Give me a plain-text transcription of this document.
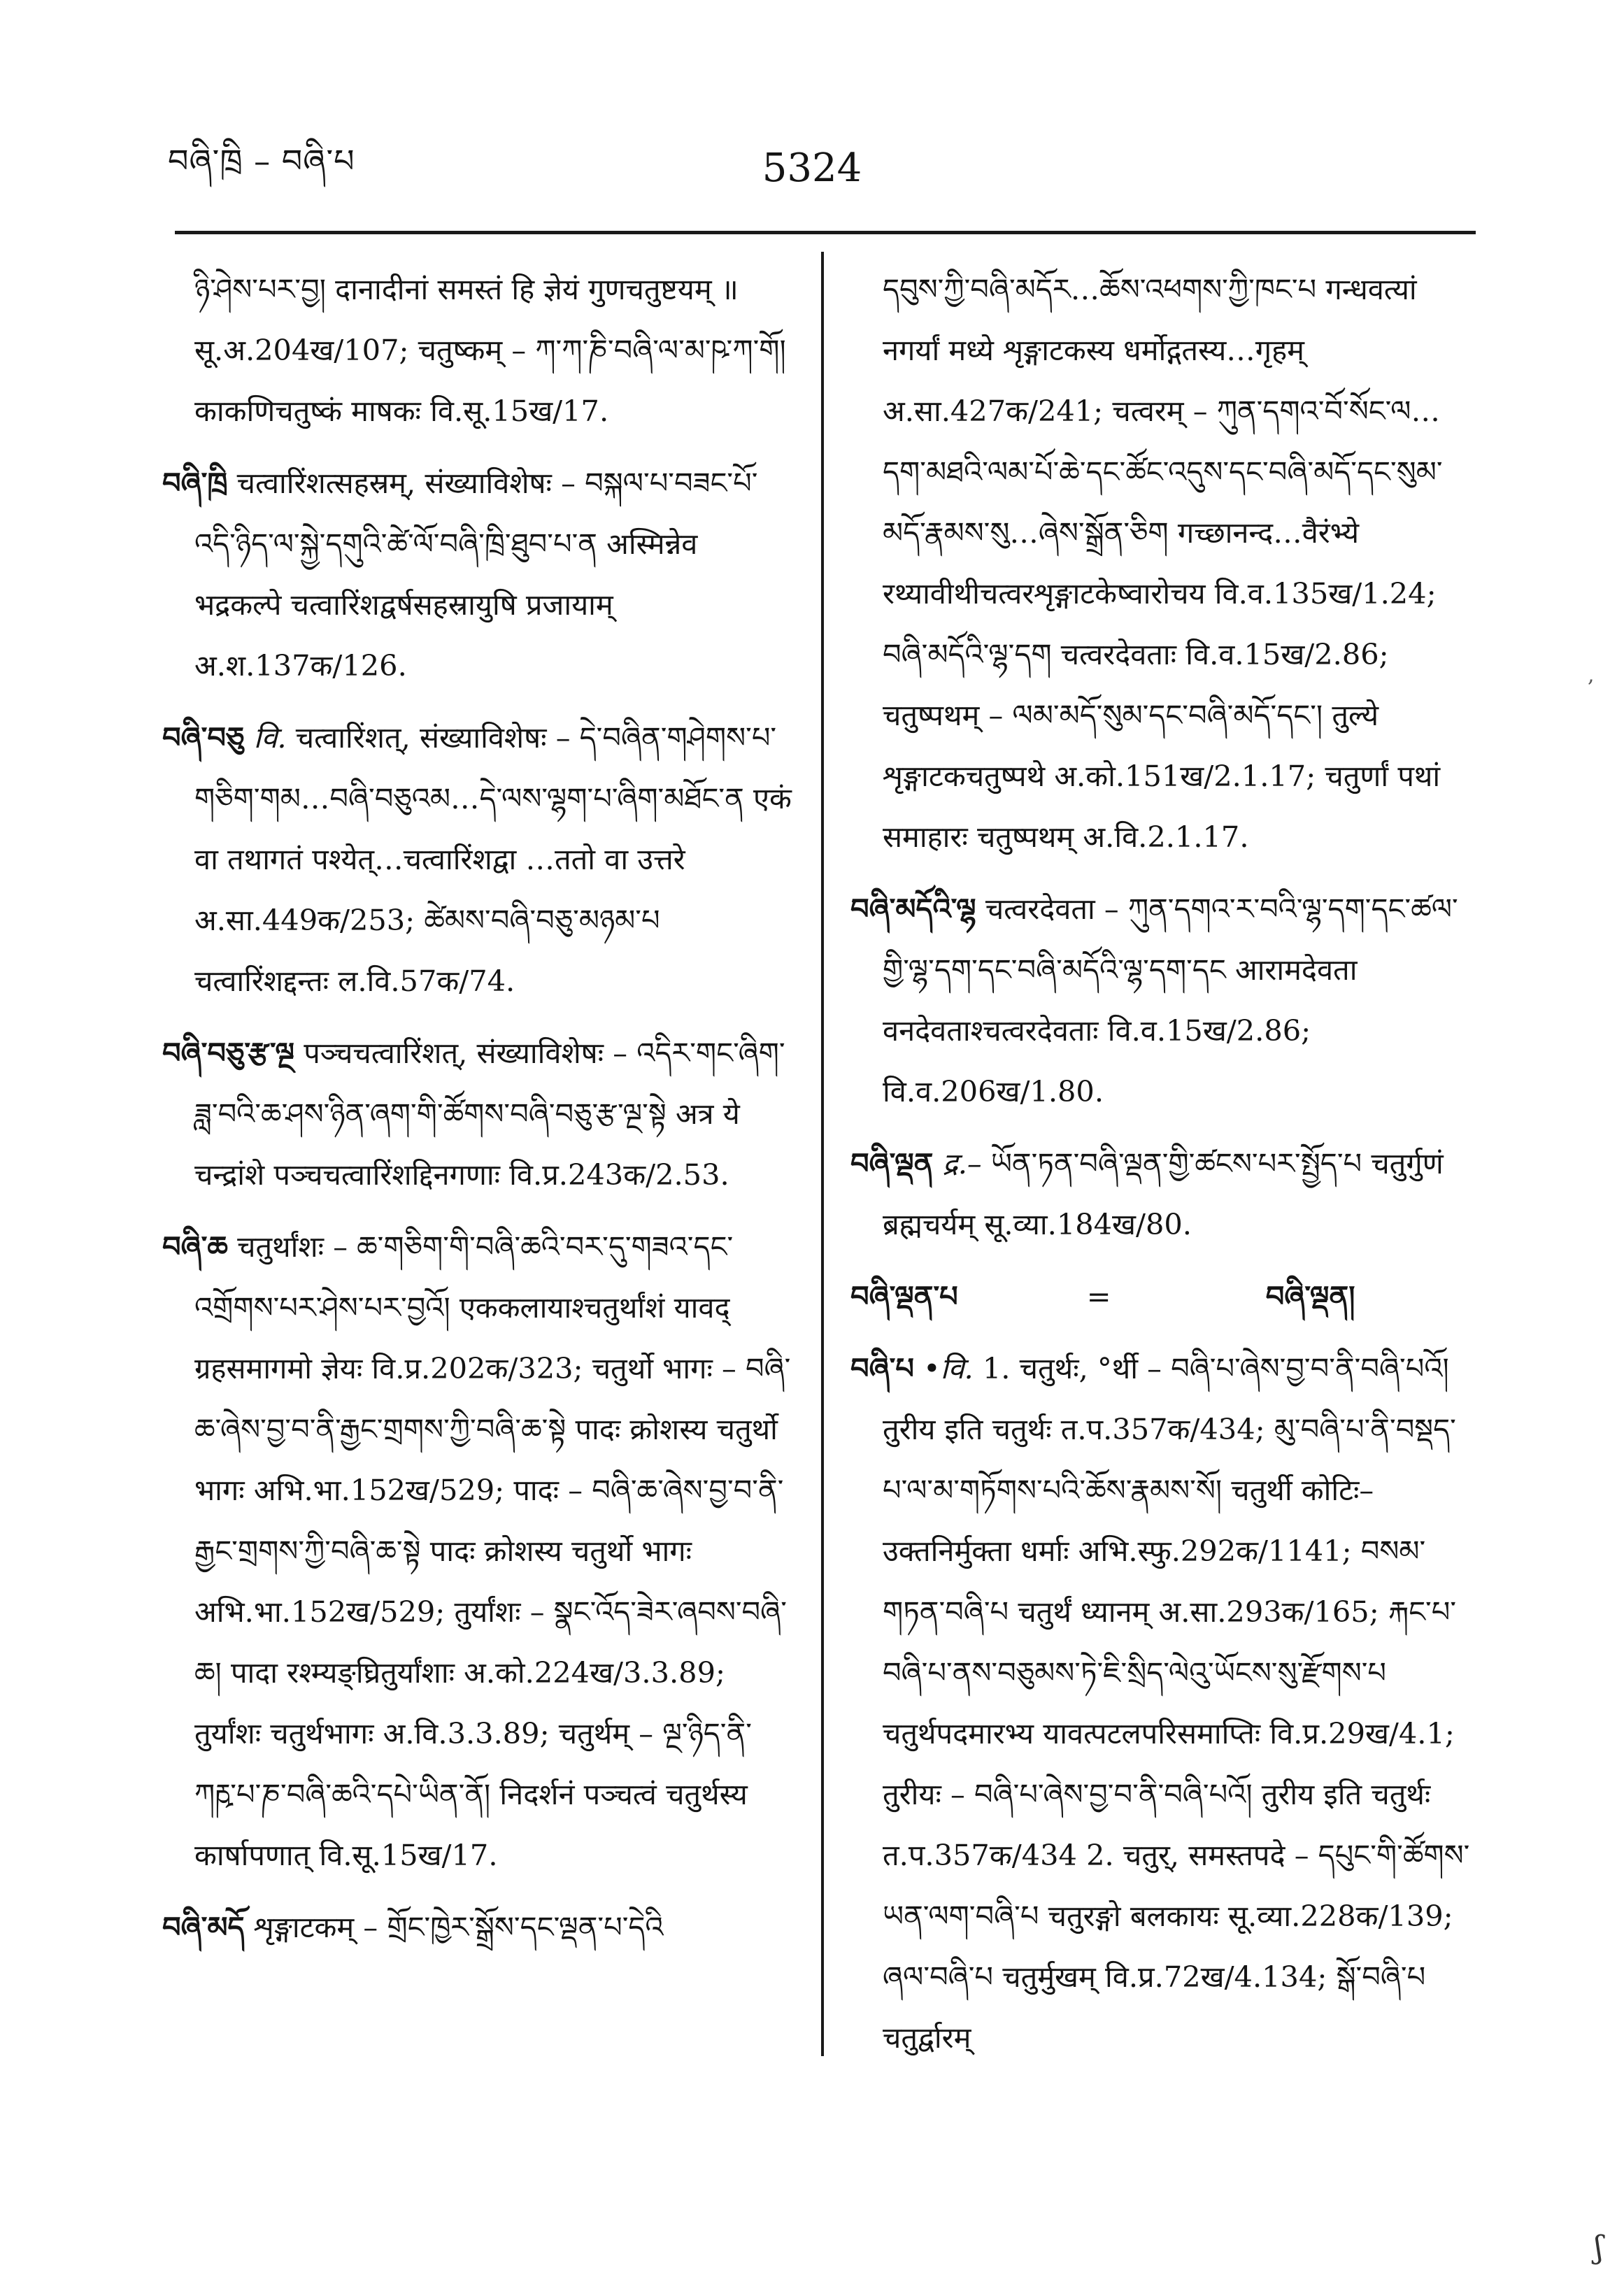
བཞི་ཁྲི – བཞི་པ	5324
ཉི་ཤེས་པར་བྱ། दानादीनां समस्तं हि ज्ञेयं गुणचतुष्टयम् ॥ सू.अ.204ख/107; चतुष्कम् – ཀ་ཀ་ཎི་བཞི་ལ་མ་ཥ་ཀ་གོ། काकणिचतुष्कं माषकः वि.सू.15ख/17.
བཞི་ཁྲི चत्वारिंशत्सहस्रम्, संख्याविशेषः – བསྐལ་པ་བཟང་པོ་འདི་ཉིད་ལ་སྐྱེ་དགུའི་ཚེ་ལོ་བཞི་ཁྲི་ཐུབ་པ་ན अस्मिन्नेव भद्रकल्पे चत्वारिंशद्वर्षसहस्रायुषि प्रजायाम् अ.श.137क/126.
བཞི་བཅུ वि. चत्वारिंशत्, संख्याविशेषः – དེ་བཞིན་གཤེགས་པ་གཅིག་གམ…བཞི་བཅུའམ…དེ་ལས་ལྷག་པ་ཞིག་མཐོང་ན एकं वा तथागतं पश्येत्…चत्वारिंशद्वा …ततो वा उत्तरे अ.सा.449क/253; ཚེམས་བཞི་བཅུ་མཉམ་པ चत्वारिंशद्दन्तः ल.वि.57क/74.
བཞི་བཅུ་རྩ་ལྔ पञ्चचत्वारिंशत्, संख्याविशेषः – འདིར་གང་ཞིག་ཟླ་བའི་ཆ་ཤས་ཉིན་ཞག་གི་ཚོགས་བཞི་བཅུ་རྩ་ལྔ་སྟེ अत्र ये चन्द्रांशे पञ्चचत्वारिंशद्दिनगणाः वि.प्र.243क/2.53.
བཞི་ཆ चतुर्थांशः – ཆ་གཅིག་གི་བཞི་ཆའི་བར་དུ་གཟའ་དང་འགྲོགས་པར་ཤེས་པར་བྱའོ། एककलायाश्चतुर्थांशं यावद् ग्रहसमागमो ज्ञेयः वि.प्र.202क/323; चतुर्थो भागः – བཞི་ཆ་ཞེས་བྱ་བ་ནི་རྒྱང་གྲགས་ཀྱི་བཞི་ཆ་སྟེ पादः क्रोशस्य चतुर्थो भागः अभि.भा.152ख/529; पादः – བཞི་ཆ་ཞེས་བྱ་བ་ནི་རྒྱང་གྲགས་ཀྱི་བཞི་ཆ་སྟེ पादः क्रोशस्य चतुर्थो भागः अभि.भा.152ख/529; तुर्यांशः – སྣང་འོད་ཟེར་ཞབས་བཞི་ཆ། पादा रश्म्यङ्घ्रितुर्यांशाः अ.को.224ख/3.3.89; तुर्यांशः चतुर्थभागः अ.वि.3.3.89; चतुर्थम् – ལྔ་ཉིད་ནི་ཀརྵ་པ་ཎ་བཞི་ཆའི་དཔེ་ཡིན་ནོ། निदर्शनं पञ्चत्वं चतुर्थस्य कार्षापणात् वि.सू.15ख/17.
བཞི་མདོ शृङ्गाटकम् – གྲོང་ཁྱེར་སྒྲོས་དང་ལྡན་པ་དེའི
དབུས་ཀྱི་བཞི་མདོར…ཆོས་འཕགས་ཀྱི་ཁང་པ गन्धवत्यां नगर्यां मध्ये शृङ्गाटकस्य धर्मोद्गतस्य…गृहम् अ.सा.427क/241; चत्वरम् – ཀུན་དགའ་བོ་སོང་ལ…དག་མཐའི་ལམ་པོ་ཆེ་དང་ཚོང་འདུས་དང་བཞི་མདོ་དང་སུམ་མདོ་རྣམས་སུ…ཞེས་སྒྲོན་ཅིག गच्छानन्द…वैरंभ्ये रथ्यावीथीचत्वरशृङ्गाटकेष्वारोचय वि.व.135ख/1.24; བཞི་མདོའི་ལྷ་དག चत्वरदेवताः वि.व.15ख/2.86; चतुष्पथम् – ལམ་མདོ་སུམ་དང་བཞི་མདོ་དང་། तुल्ये शृङ्गाटकचतुष्पथे अ.को.151ख/2.1.17; चतुर्णां पथां समाहारः चतुष्पथम् अ.वि.2.1.17.
བཞི་མདོའི་ལྷ चत्वरदेवता – ཀུན་དགའ་ར་བའི་ལྷ་དག་དང་ཚལ་གྱི་ལྷ་དག་དང་བཞི་མདོའི་ལྷ་དག་དང आरामदेवता वनदेवताश्चत्वरदेवताः वि.व.15ख/2.86; वि.व.206ख/1.80.
བཞི་ལྡན द्र.– ཡོན་ཏན་བཞི་ལྡན་གྱི་ཚངས་པར་སྤྱོད་པ चतुर्गुणं ब्रह्मचर्यम् सू.व्या.184ख/80.
བཞི་ལྡན་པ	=	བཞི་ལྡན།
བཞི་པ •वि. 1. चतुर्थः, °र्थी – བཞི་པ་ཞེས་བྱ་བ་ནི་བཞི་པའོ། तुरीय इति चतुर्थः त.प.357क/434; མུ་བཞི་པ་ནི་བསྡད་པ་ལ་མ་གཏོགས་པའི་ཆོས་རྣམས་སོ། चतुर्थी कोटिः–उक्तनिर्मुक्ता धर्माः अभि.स्फु.292क/1141; བསམ་གཏན་བཞི་པ चतुर्थं ध्यानम् अ.सा.293क/165; རྐང་པ་བཞི་པ་ནས་བཅུམས་ཏེ་ཇི་སྲིད་ལེའུ་ཡོངས་སུ་རྫོགས་པ चतुर्थपदमारभ्य यावत्पटलपरिसमाप्तिः वि.प्र.29ख/4.1; तुरीयः – བཞི་པ་ཞེས་བྱ་བ་ནི་བཞི་པའོ། तुरीय इति चतुर्थः त.प.357क/434 2. चतुर्, समस्तपदे – དཔུང་གི་ཚོགས་ཡན་ལག་བཞི་པ चतुरङ्गो बलकायः सू.व्या.228क/139; ཞལ་བཞི་པ चतुर्मुखम् वि.प्र.72ख/4.134; སྒོ་བཞི་པ चतुर्द्वारम्
,
ʃ
